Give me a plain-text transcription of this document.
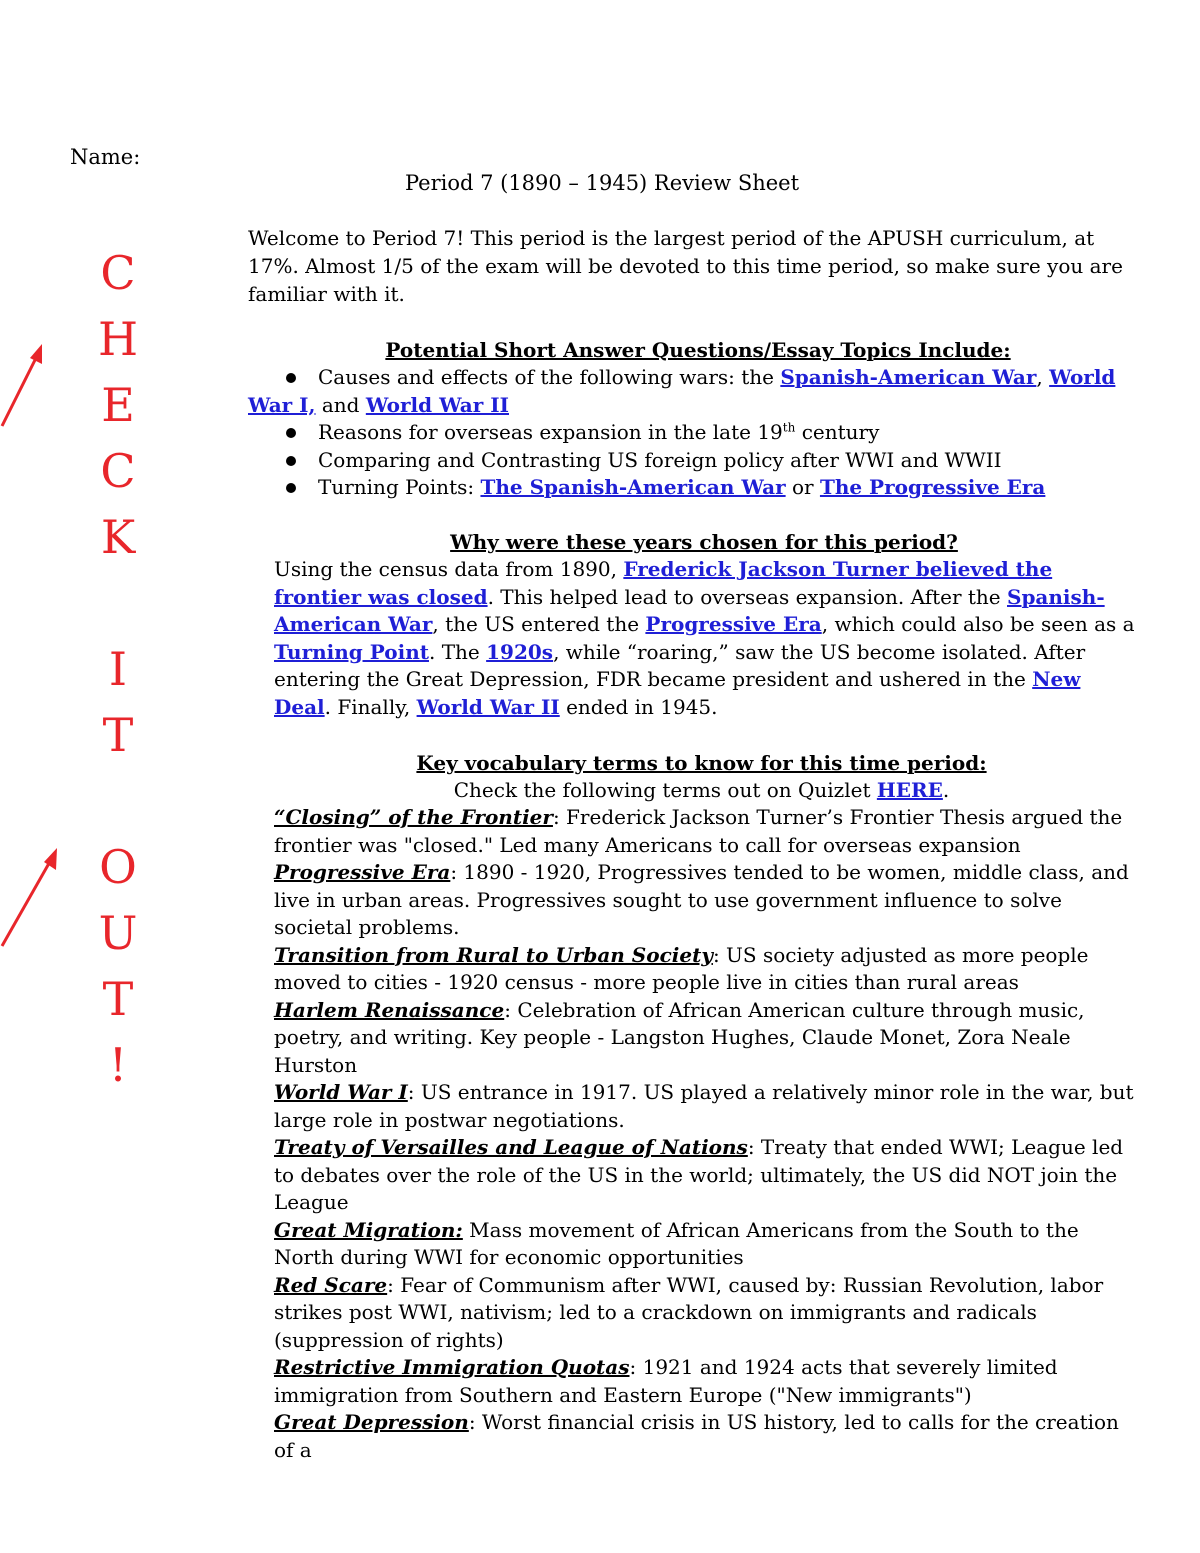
Name:
Period 7 (1890 – 1945) Review Sheet
Welcome to Period 7! This period is the largest period of the APUSH curriculum, at 17%. Almost 1/5 of the exam will be devoted to this time period, so make sure you are familiar with it.
C
H
E
C
K
I
T
O
U
T
!
Potential Short Answer Questions/Essay Topics Include:
Causes and effects of the following wars: the Spanish-American War, World War I, and World War II
Reasons for overseas expansion in the late 19th century
Comparing and Contrasting US foreign policy after WWI and WWII
Turning Points: The Spanish-American War or The Progressive Era
Why were these years chosen for this period?
Using the census data from 1890, Frederick Jackson Turner believed the frontier was closed. This helped lead to overseas expansion. After the Spanish-American War, the US entered the Progressive Era, which could also be seen as a Turning Point. The 1920s, while “roaring,” saw the US become isolated. After entering the Great Depression, FDR became president and ushered in the New Deal. Finally, World War II ended in 1945.
Key vocabulary terms to know for this time period:
Check the following terms out on Quizlet HERE.

“Closing” of the Frontier: Frederick Jackson Turner’s Frontier Thesis argued the frontier was "closed." Led many Americans to call for overseas expansion

Progressive Era: 1890 - 1920, Progressives tended to be women, middle class, and live in urban areas. Progressives sought to use government influence to solve societal problems.

Transition from Rural to Urban Society: US society adjusted as more people moved to cities - 1920 census - more people live in cities than rural areas

Harlem Renaissance: Celebration of African American culture through music, poetry, and writing. Key people - Langston Hughes, Claude Monet, Zora Neale Hurston

World War I: US entrance in 1917. US played a relatively minor role in the war, but large role in postwar negotiations.

Treaty of Versailles and League of Nations: Treaty that ended WWI; League led to debates over the role of the US in the world; ultimately, the US did NOT join the League

Great Migration: Mass movement of African Americans from the South to the North during WWI for economic opportunities

Red Scare: Fear of Communism after WWI, caused by: Russian Revolution, labor strikes post WWI, nativism; led to a crackdown on immigrants and radicals (suppression of rights)

Restrictive Immigration Quotas: 1921 and 1924 acts that severely limited immigration from Southern and Eastern Europe ("New immigrants")

Great Depression: Worst financial crisis in US history, led to calls for the creation of a
